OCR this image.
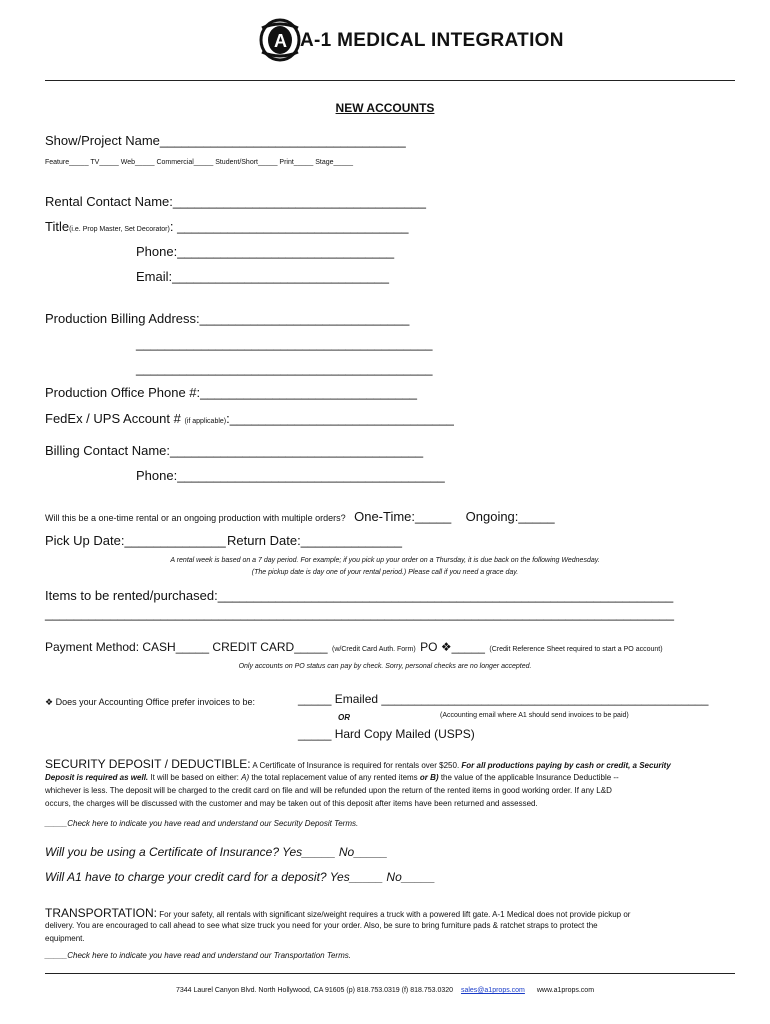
A A-1 MEDICAL INTEGRATION
NEW ACCOUNTS
Show/Project Name__________________________________
Feature_____ TV_____ Web_____ Commercial_____ Student/Short_____ Print_____ Stage_____
Rental Contact Name:___________________________________
Title(i.e. Prop Master, Set Decorator): ________________________________
Phone:______________________________
Email:______________________________
Production Billing Address:_____________________________
_________________________________________
_________________________________________
Production Office Phone #:______________________________
FedEx / UPS Account # (if applicable):_______________________________
Billing Contact Name:___________________________________
Phone:_____________________________________
Will this be a one-time rental or an ongoing production with multiple orders? One-Time:_____ Ongoing:_____
Pick Up Date:______________ Return Date:______________
A rental week is based on a 7 day period. For example; if you pick up your order on a Thursday, it is due back on the following Wednesday.
(The pickup date is day one of your rental period.) Please call if you need a grace day.
Items to be rented/purchased:_______________________________________________________________
_______________________________________________________________________________________
Payment Method: CASH_____ CREDIT CARD_____ (w/Credit Card Auth. Form) PO ❖_____ (Credit Reference Sheet required to start a PO account)
Only accounts on PO status can pay by check. Sorry, personal checks are no longer accepted.
❖ Does your Accounting Office prefer invoices to be:	_____ Emailed _________________________________________________
OR	(Accounting email where A1 should send invoices to be paid)
_____ Hard Copy Mailed (USPS)
SECURITY DEPOSIT / DEDUCTIBLE: A Certificate of Insurance is required for rentals over $250. For all productions paying by cash or credit, a Security
Deposit is required as well. It will be based on either: A) the total replacement value of any rented items or B) the value of the applicable Insurance Deductible --
whichever is less. The deposit will be charged to the credit card on file and will be refunded upon the return of the rented items in good working order. If any L&D
occurs, the charges will be discussed with the customer and may be taken out of this deposit after items have been returned and assessed.
_____Check here to indicate you have read and understand our Security Deposit Terms.
Will you be using a Certificate of Insurance? Yes_____ No_____
Will A1 have to charge your credit card for a deposit? Yes_____ No_____
TRANSPORTATION: For your safety, all rentals with significant size/weight requires a truck with a powered lift gate. A-1 Medical does not provide pickup or
delivery. You are encouraged to call ahead to see what size truck you need for your order. Also, be sure to bring furniture pads & ratchet straps to protect the
equipment.
_____Check here to indicate you have read and understand our Transportation Terms.
7344 Laurel Canyon Blvd. North Hollywood, CA 91605 (p) 818.753.0319 (f) 818.753.0320 sales@a1props.com www.a1props.com
